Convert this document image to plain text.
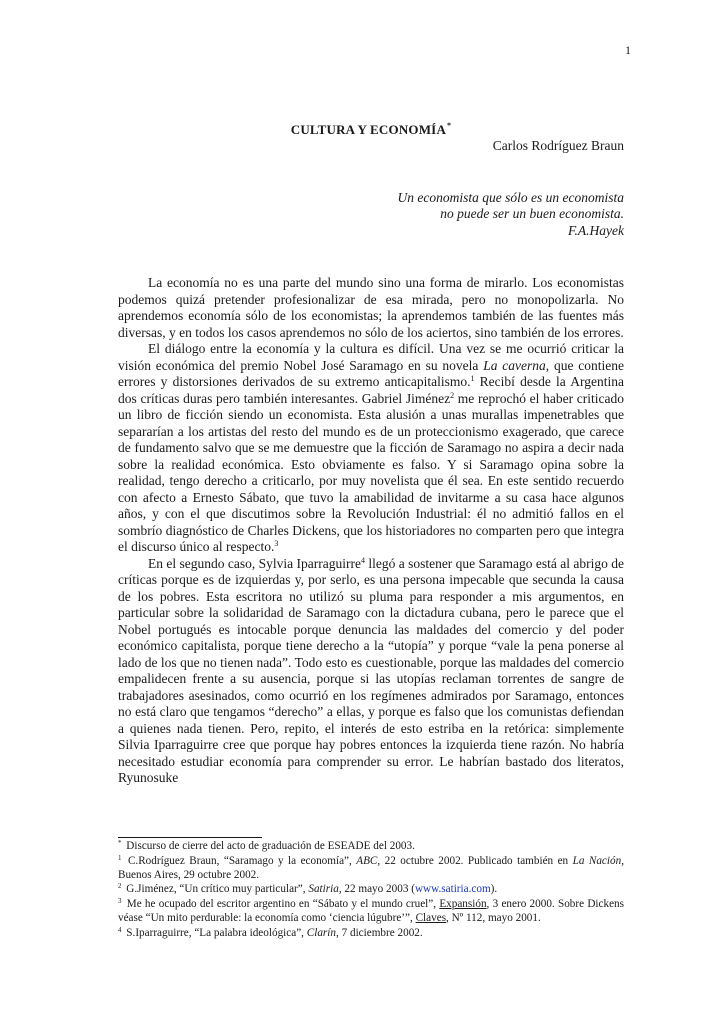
1
CULTURA Y ECONOMÍA*
Carlos Rodríguez Braun
Un economista que sólo es un economista
no puede ser un buen economista.
F.A.Hayek

La economía no es una parte del mundo sino una forma de mirarlo. Los economistas podemos quizá pretender profesionalizar de esa mirada, pero no monopolizarla. No aprendemos economía sólo de los economistas; la aprendemos también de las fuentes más diversas, y en todos los casos aprendemos no sólo de los aciertos, sino también de los errores.

El diálogo entre la economía y la cultura es difícil. Una vez se me ocurrió criticar la visión económica del premio Nobel José Saramago en su novela La caverna, que contiene errores y distorsiones derivados de su extremo anticapitalismo.$^1$ Recibí desde la Argentina dos críticas duras pero también interesantes. Gabriel Jiménez$^2$ me reprochó el haber criticado un libro de ficción siendo un economista. Esta alusión a unas murallas impenetrables que separarían a los artistas del resto del mundo es de un proteccionismo exagerado, que carece de fundamento salvo que se me demuestre que la ficción de Saramago no aspira a decir nada sobre la realidad económica. Esto obviamente es falso. Y si Saramago opina sobre la realidad, tengo derecho a criticarlo, por muy novelista que él sea. En este sentido recuerdo con afecto a Ernesto Sábato, que tuvo la amabilidad de invitarme a su casa hace algunos años, y con el que discutimos sobre la Revolución Industrial: él no admitió fallos en el sombrío diagnóstico de Charles Dickens, que los historiadores no comparten pero que integra el discurso único al respecto.$^3$

En el segundo caso, Sylvia Iparraguirre$^4$ llegó a sostener que Saramago está al abrigo de críticas porque es de izquierdas y, por serlo, es una persona impecable que secunda la causa de los pobres. Esta escritora no utilizó su pluma para responder a mis argumentos, en particular sobre la solidaridad de Saramago con la dictadura cubana, pero le parece que el Nobel portugués es intocable porque denuncia las maldades del comercio y del poder económico capitalista, porque tiene derecho a la “utopía” y porque “vale la pena ponerse al lado de los que no tienen nada”. Todo esto es cuestionable, porque las maldades del comercio empalidecen frente a su ausencia, porque si las utopías reclaman torrentes de sangre de trabajadores asesinados, como ocurrió en los regímenes admirados por Saramago, entonces no está claro que tengamos “derecho” a ellas, y porque es falso que los comunistas defiendan a quienes nada tienen. Pero, repito, el interés de esto estriba en la retórica: simplemente Silvia Iparraguirre cree que porque hay pobres entonces la izquierda tiene razón. No habría necesitado estudiar economía para comprender su error. Le habrían bastado dos literatos, Ryunosuke

* Discurso de cierre del acto de graduación de ESEADE del 2003.
$^1$ C.Rodríguez Braun, “Saramago y la economía”, ABC, 22 octubre 2002. Publicado también en La Nación, Buenos Aires, 29 octubre 2002.
$^2$ G.Jiménez, “Un crítico muy particular”, Satiria, 22 mayo 2003 (www.satiria.com).
$^3$ Me he ocupado del escritor argentino en “Sábato y el mundo cruel”, Expansión, 3 enero 2000. Sobre Dickens véase “Un mito perdurable: la economía como ‘ciencia lúgubre’”, Claves, Nº 112, mayo 2001.
$^4$ S.Iparraguirre, “La palabra ideológica”, Clarín, 7 diciembre 2002.
